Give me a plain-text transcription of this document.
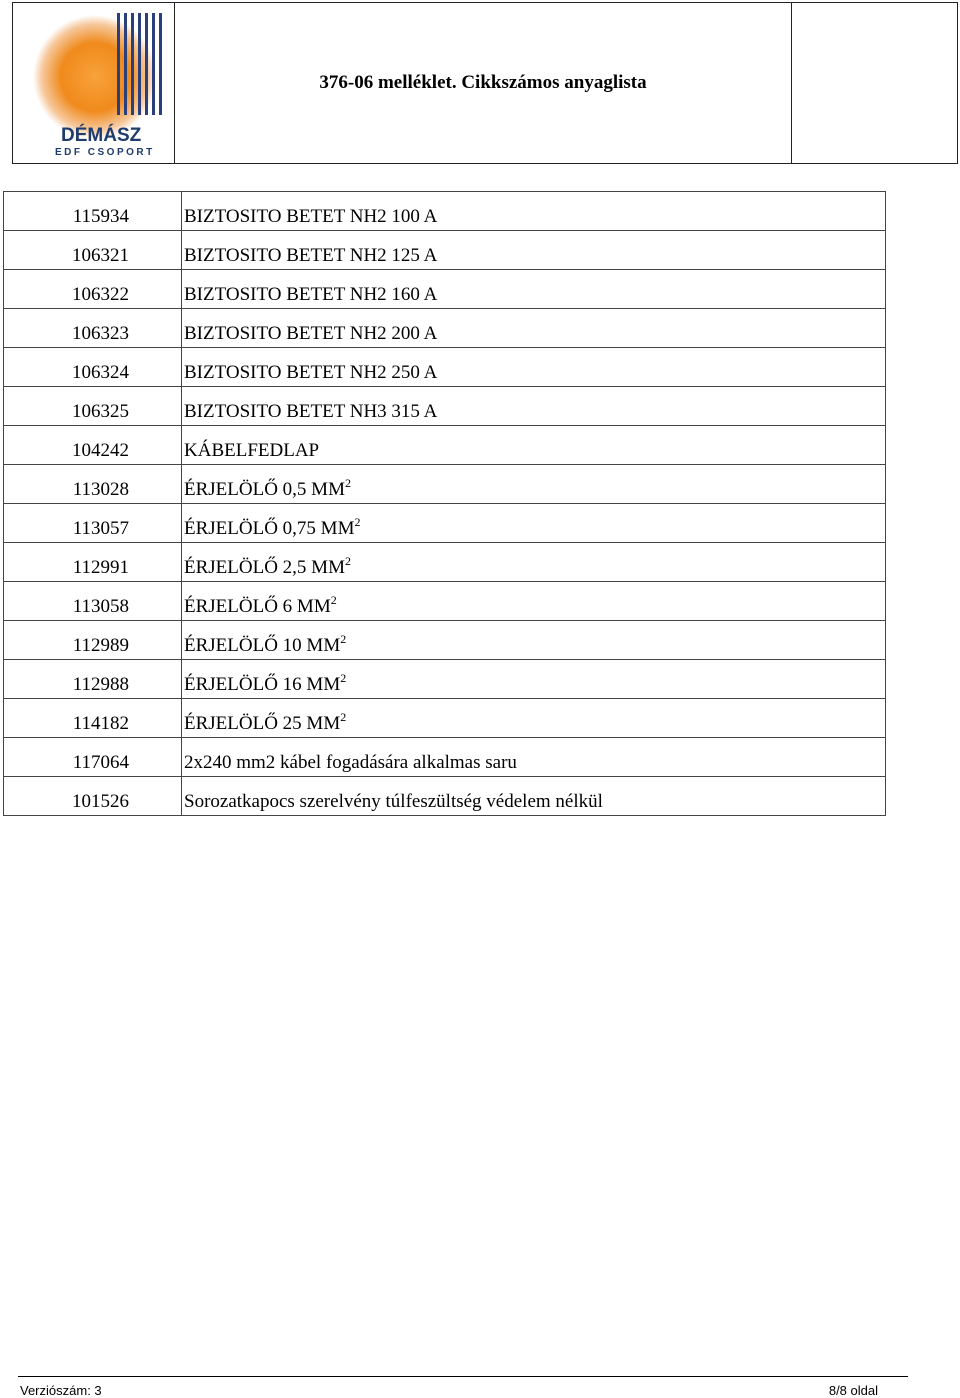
DÉMÁSZ
EDF CSOPORT
376-06 melléklet. Cikkszámos anyaglista
115934	BIZTOSITO BETET NH2 100 A
106321	BIZTOSITO BETET NH2 125 A
106322	BIZTOSITO BETET NH2 160 A
106323	BIZTOSITO BETET NH2 200 A
106324	BIZTOSITO BETET NH2 250 A
106325	BIZTOSITO BETET NH3 315 A
104242	KÁBELFEDLAP
113028	ÉRJELÖLŐ 0,5 $MM^2$
113057	ÉRJELÖLŐ 0,75 $MM^2$
112991	ÉRJELÖLŐ 2,5 $MM^2$
113058	ÉRJELÖLŐ 6 $MM^2$
112989	ÉRJELÖLŐ 10 $MM^2$
112988	ÉRJELÖLŐ 16 $MM^2$
114182	ÉRJELÖLŐ 25 $MM^2$
117064	2x240 mm2 kábel fogadására alkalmas saru
101526	Sorozatkapocs szerelvény túlfeszültség védelem nélkül
Verziószám: 3	8/8 oldal
